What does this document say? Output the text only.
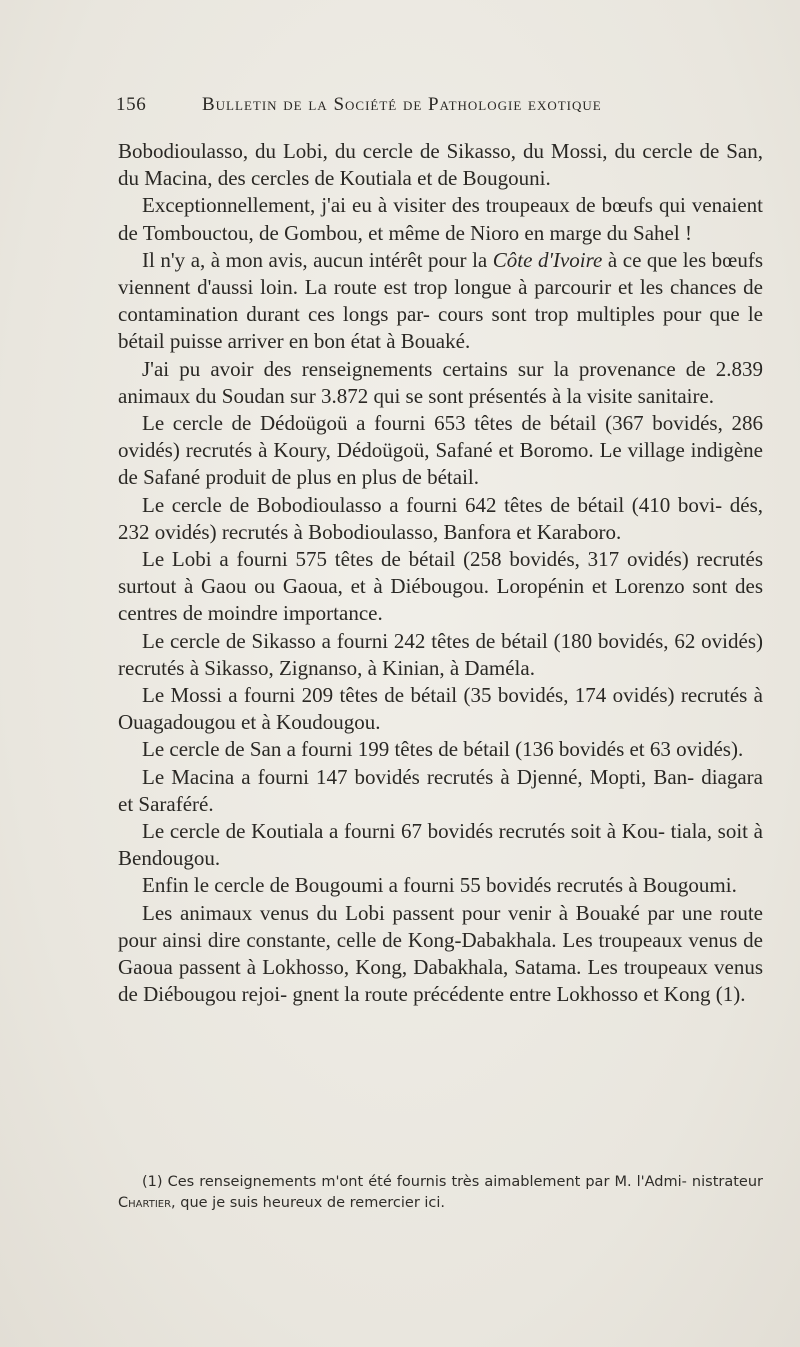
156	Bulletin de la Société de Pathologie exotique

Bobodioulasso, du Lobi, du cercle de Sikasso, du Mossi, du cercle de San, du Macina, des cercles de Koutiala et de Bougouni.

Exceptionnellement, j'ai eu à visiter des troupeaux de bœufs qui venaient de Tombouctou, de Gombou, et même de Nioro en marge du Sahel !

Il n'y a, à mon avis, aucun intérêt pour la Côte d'Ivoire à ce que les bœufs viennent d'aussi loin. La route est trop longue à parcourir et les chances de contamination durant ces longs par- cours sont trop multiples pour que le bétail puisse arriver en bon état à Bouaké.

J'ai pu avoir des renseignements certains sur la provenance de 2.839 animaux du Soudan sur 3.872 qui se sont présentés à la visite sanitaire.

Le cercle de Dédoügoü a fourni 653 têtes de bétail (367 bovidés, 286 ovidés) recrutés à Koury, Dédoügoü, Safané et Boromo. Le village indigène de Safané produit de plus en plus de bétail.

Le cercle de Bobodioulasso a fourni 642 têtes de bétail (410 bovi- dés, 232 ovidés) recrutés à Bobodioulasso, Banfora et Karaboro.

Le Lobi a fourni 575 têtes de bétail (258 bovidés, 317 ovidés) recrutés surtout à Gaou ou Gaoua, et à Diébougou. Loropénin et Lorenzo sont des centres de moindre importance.

Le cercle de Sikasso a fourni 242 têtes de bétail (180 bovidés, 62 ovidés) recrutés à Sikasso, Zignanso, à Kinian, à Daméla.

Le Mossi a fourni 209 têtes de bétail (35 bovidés, 174 ovidés) recrutés à Ouagadougou et à Koudougou.

Le cercle de San a fourni 199 têtes de bétail (136 bovidés et 63 ovidés).

Le Macina a fourni 147 bovidés recrutés à Djenné, Mopti, Ban- diagara et Saraféré.

Le cercle de Koutiala a fourni 67 bovidés recrutés soit à Kou- tiala, soit à Bendougou.

Enfin le cercle de Bougoumi a fourni 55 bovidés recrutés à Bougoumi.

Les animaux venus du Lobi passent pour venir à Bouaké par une route pour ainsi dire constante, celle de Kong-Dabakhala. Les troupeaux venus de Gaoua passent à Lokhosso, Kong, Dabakhala, Satama. Les troupeaux venus de Diébougou rejoi- gnent la route précédente entre Lokhosso et Kong (1).

(1) Ces renseignements m'ont été fournis très aimablement par M. l'Admi- nistrateur Chartier, que je suis heureux de remercier ici.
